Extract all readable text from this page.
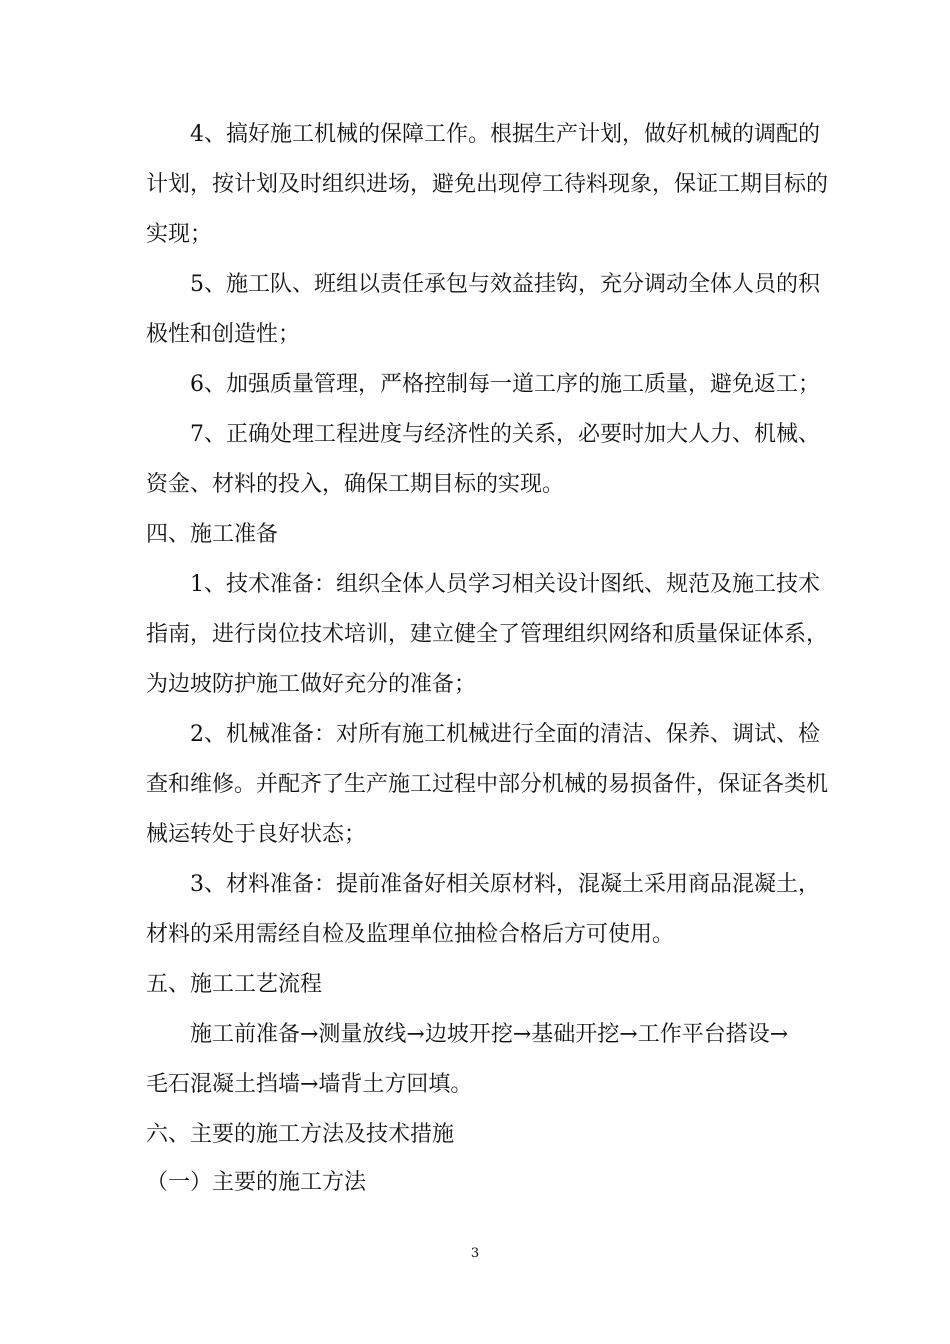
4、搞好施工机械的保障工作。根据生产计划，做好机械的调配的
计划，按计划及时组织进场，避免出现停工待料现象，保证工期目标的
实现；
5、施工队、班组以责任承包与效益挂钩，充分调动全体人员的积
极性和创造性；
6、加强质量管理，严格控制每一道工序的施工质量，避免返工；
7、正确处理工程进度与经济性的关系，必要时加大人力、机械、
资金、材料的投入，确保工期目标的实现。
四、施工准备
1、技术准备：组织全体人员学习相关设计图纸、规范及施工技术
指南，进行岗位技术培训，建立健全了管理组织网络和质量保证体系，
为边坡防护施工做好充分的准备；
2、机械准备：对所有施工机械进行全面的清洁、保养、调试、检
查和维修。并配齐了生产施工过程中部分机械的易损备件，保证各类机
械运转处于良好状态；
3、材料准备：提前准备好相关原材料，混凝土采用商品混凝土，
材料的采用需经自检及监理单位抽检合格后方可使用。
五、施工工艺流程
施工前准备→测量放线→边坡开挖→基础开挖→工作平台搭设→
毛石混凝土挡墙→墙背土方回填。
六、主要的施工方法及技术措施
（一）主要的施工方法
3
